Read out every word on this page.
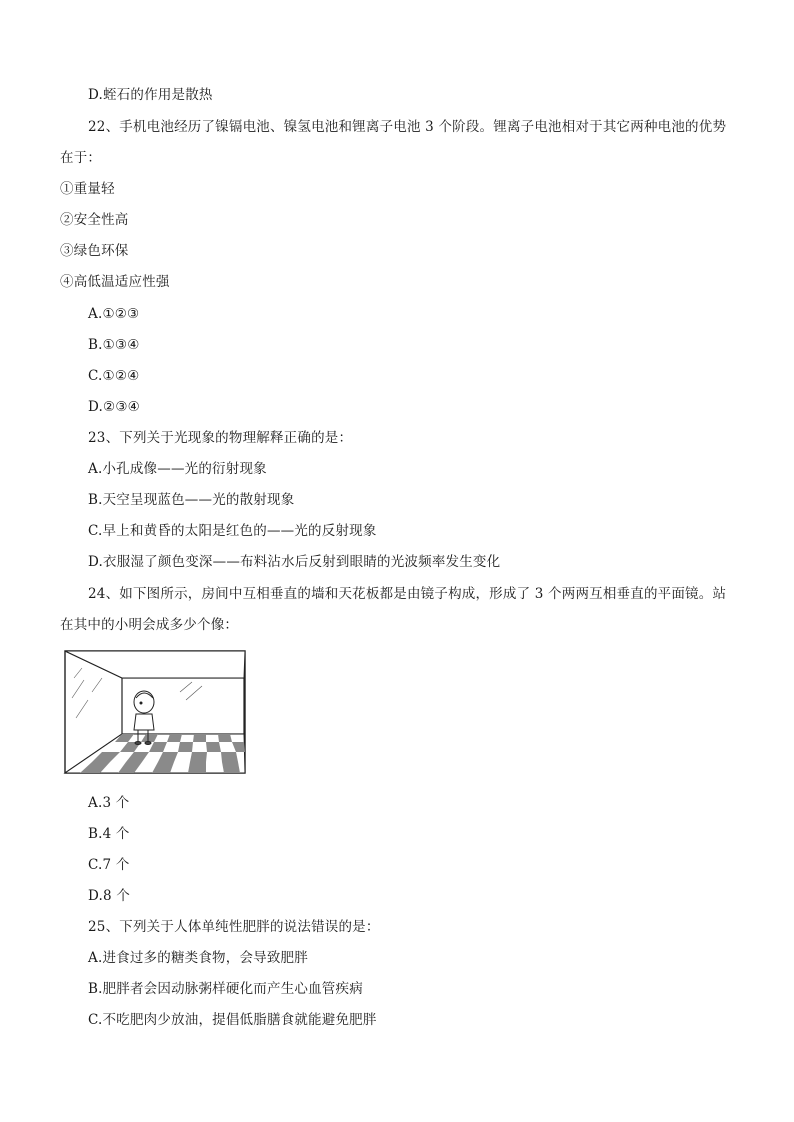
D.蛭石的作用是散热
22、手机电池经历了镍镉电池、镍氢电池和锂离子电池 3 个阶段。锂离子电池相对于其它两种电池的优势
在于：
①重量轻
②安全性高
③绿色环保
④高低温适应性强
A.①②③
B.①③④
C.①②④
D.②③④
23、下列关于光现象的物理解释正确的是：
A.小孔成像——光的衍射现象
B.天空呈现蓝色——光的散射现象
C.早上和黄昏的太阳是红色的——光的反射现象
D.衣服湿了颜色变深——布料沾水后反射到眼睛的光波频率发生变化
24、如下图所示，房间中互相垂直的墙和天花板都是由镜子构成，形成了 3 个两两互相垂直的平面镜。站
在其中的小明会成多少个像：
A.3 个
B.4 个
C.7 个
D.8 个
25、下列关于人体单纯性肥胖的说法错误的是：
A.进食过多的糖类食物，会导致肥胖
B.肥胖者会因动脉粥样硬化而产生心血管疾病
C.不吃肥肉少放油，提倡低脂膳食就能避免肥胖
